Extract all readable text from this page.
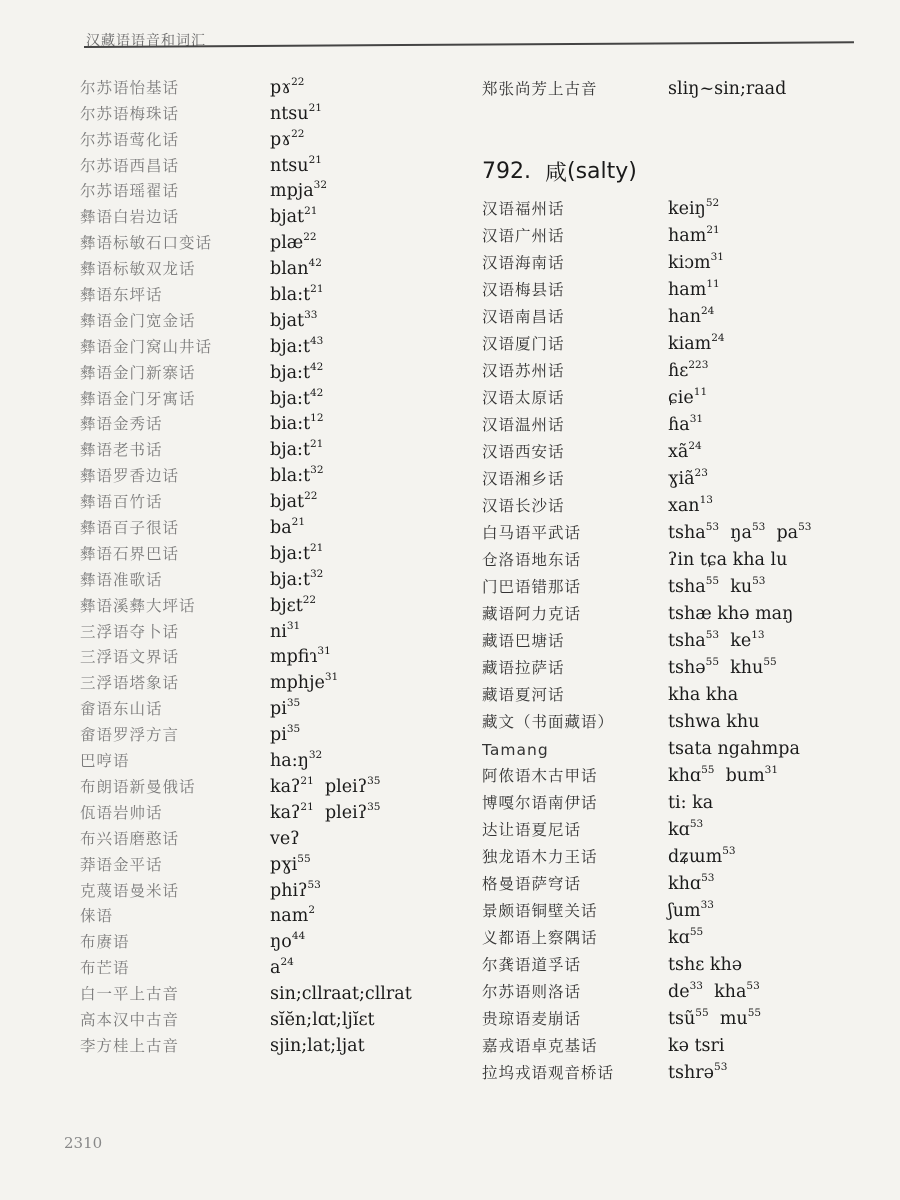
汉藏语语音和词汇
尔苏语怡基话	pɤ$^{22}$
尔苏语梅珠话	ntsu$^{21}$
尔苏语莺化话	pɤ$^{22}$
尔苏语西昌话	ntsu$^{21}$
尔苏语瑶翟话	mpja$^{32}$
彝语白岩边话	bjat$^{21}$
彝语标敏石口变话	plæ$^{22}$
彝语标敏双龙话	blan$^{42}$
彝语东坪话	$bla:t^{21}$
彝语金门宽金话	bjat$^{33}$
彝语金门窝山井话	$bja:t^{43}$
彝语金门新寨话	$bja:t^{42}$
彝语金门牙寓话	$bja:t^{42}$
彝语金秀话	$bia:t^{12}$
彝语老书话	$bja:t^{21}$
彝语罗香边话	$bla:t^{32}$
彝语百竹话	bjat$^{22}$
彝语百子很话	$ba^{21}$
彝语石界巴话	$bja:t^{21}$
彝语准歌话	$bja:t^{32}$
彝语溪彝大坪话	bjɛt$^{22}$
三浮语夺卜话	$ni^{31}$
三浮语文界话	mpfiɿ$^{31}$
三浮语塔象话	mphje$^{31}$
畲语东山话	$pi^{35}$
畲语罗浮方言	$pi^{35}$
巴哼语	$ha:ŋ^{32}$
布朗语新曼俄话	kaʔ$^{21}$ pleiʔ$^{35}$
佤语岩帅话	kaʔ$^{21}$ pleiʔ$^{35}$
布兴语磨憨话	veʔ
莽语金平话	pɣi$^{55}$
克蔑语曼米话	phiʔ$^{53}$
俫语	nam$^2$
布赓语	$ŋo^{44}$
布芒语	$a^{24}$
白一平上古音	sin;cllraat;cllrat
高本汉中古音	sĭĕn;lɑt;ljĭɛt
李方桂上古音	sjin;lat;ljat
郑张尚芳上古音	sliŋ~sin;raad
792. 咸 (salty)
汉语福州话	keiŋ$^{52}$
汉语广州话	ham$^{21}$
汉语海南话	kiɔm$^{31}$
汉语梅县话	ham$^{11}$
汉语南昌话	han$^{24}$
汉语厦门话	kiam$^{24}$
汉语苏州话	ɦɛ$^{223}$
汉语太原话	ɕie$^{11}$
汉语温州话	ɦa$^{31}$
汉语西安话	$xã^{24}$
汉语湘乡话	ɣiã$^{23}$
汉语长沙话	xan$^{13}$
白马语平武话	tsha$^{53}$ $ŋa^{53}$ $pa^{53}$
仓洛语地东话	ʔin tɕa kha lu
门巴语错那话	tsha$^{55}$ $ku^{53}$
藏语阿力克话	tshæ khə maŋ
藏语巴塘话	tsha$^{53}$ $ke^{13}$
藏语拉萨话	tshə$^{55}$ khu$^{55}$
藏语夏河话	kha kha
藏文（书面藏语）	tshwa khu
Tamang	tsata ngahmpa
阿侬语木古甲话	khɑ$^{55}$ bum$^{31}$
博嘎尔语南伊话	ti: ka
达让语夏尼话	kɑ$^{53}$
独龙语木力王话	dʑɯm$^{53}$
格曼语萨穹话	khɑ$^{53}$
景颇语铜壁关话	ʃum$^{33}$
义都语上察隅话	kɑ$^{55}$
尔龚语道孚话	tshɛ khə
尔苏语则洛话	$de^{33}$ kha$^{53}$
贵琼语麦崩话	tsũ$^{55}$ $mu^{55}$
嘉戎语卓克基话	kə tsri
拉坞戎语观音桥话	tshrə$^{53}$
2310
